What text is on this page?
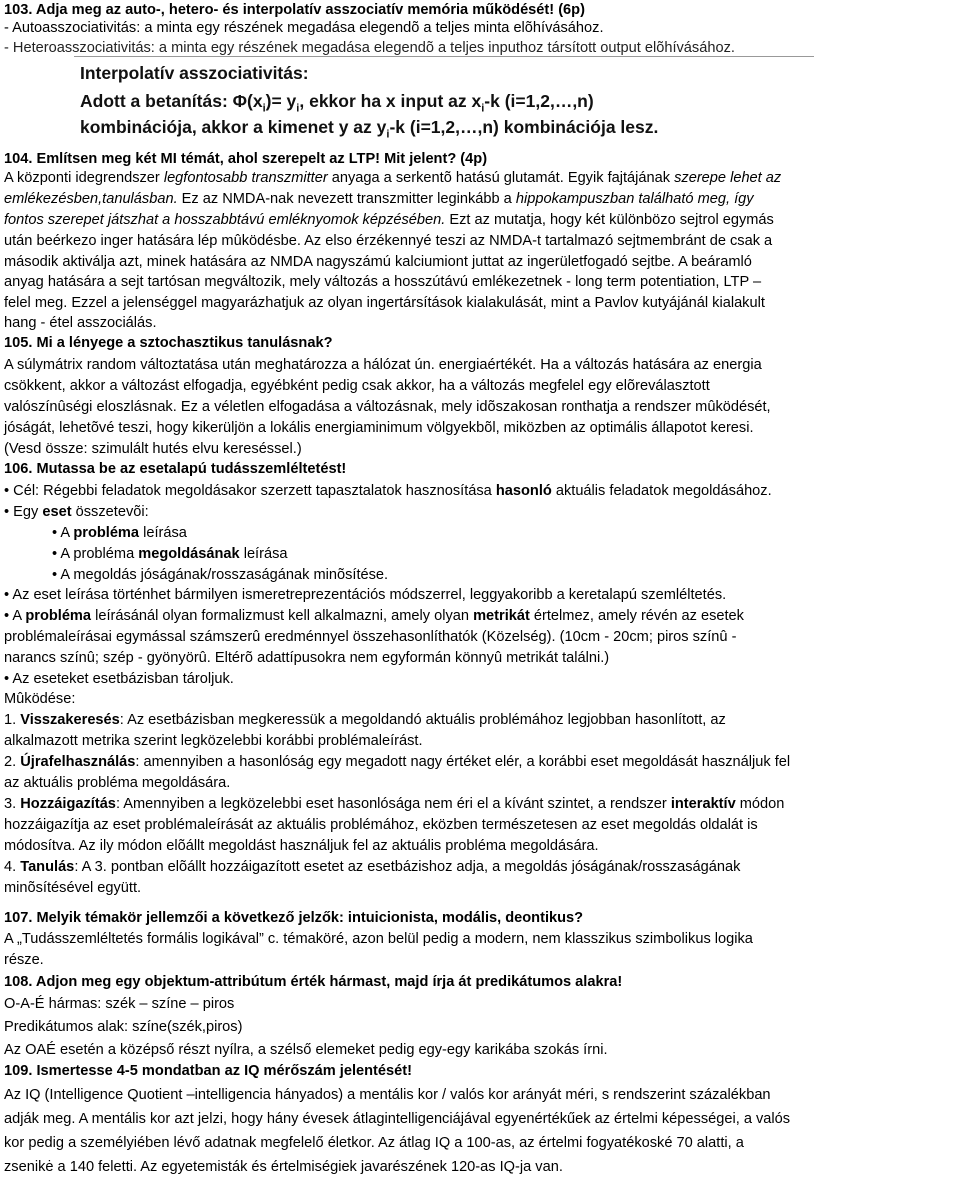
103. Adja meg az auto-, hetero- és interpolatív asszociatív memória működését! (6p)
- Autoasszociativitás: a minta egy részének megadása elegendõ a teljes minta elõhívásához.
- Heteroasszociativitás: a minta egy részének megadása elegendõ a teljes inputhoz társított output elõhívásához.
Interpolatív asszociativitás:
Adott a betanítás: $\Phi(x_i)= y_i$, ekkor ha x input az $x_i-k$ (i=1,2,…,n)
kombinációja, akkor a kimenet y az $y_i-k$ (i=1,2,…,n) kombinációja lesz.
104. Említsen meg két MI témát, ahol szerepelt az LTP! Mit jelent? (4p)
A központi idegrendszer legfontosabb transzmitter anyaga a serkentõ hatású glutamát. Egyik fajtájának szerepe lehet az
emlékezésben,tanulásban. Ez az NMDA-nak nevezett transzmitter leginkább a hippokampuszban található meg, így
fontos szerepet játszhat a hosszabbtávú emléknyomok képzésében. Ezt az mutatja, hogy két különbözo sejtrol egymás
után beérkezo inger hatására lép mûködésbe. Az elso érzékennyé teszi az NMDA-t tartalmazó sejtmembránt de csak a
második aktiválja azt, minek hatására az NMDA nagyszámú kalciumiont juttat az ingerületfogadó sejtbe. A beáramló
anyag hatására a sejt tartósan megváltozik, mely változás a hosszútávú emlékezetnek - long term potentiation, LTP –
felel meg. Ezzel a jelenséggel magyarázhatjuk az olyan ingertársítások kialakulását, mint a Pavlov kutyájánál kialakult
hang - étel asszociálás.
105. Mi a lényege a sztochasztikus tanulásnak?
A súlymátrix random változtatása után meghatározza a hálózat ún. energiaértékét. Ha a változás hatására az energia
csökkent, akkor a változást elfogadja, egyébként pedig csak akkor, ha a változás megfelel egy elõreválasztott
valószínûségi eloszlásnak. Ez a véletlen elfogadása a változásnak, mely idõszakosan ronthatja a rendszer mûködését,
jóságát, lehetõvé teszi, hogy kikerüljön a lokális energiaminimum völgyekbõl, miközben az optimális állapotot keresi.
(Vesd össze: szimulált hutés elvu kereséssel.)
106. Mutassa be az esetalapú tudásszemléltetést!
• Cél: Régebbi feladatok megoldásakor szerzett tapasztalatok hasznosítása hasonló aktuális feladatok megoldásához.
• Egy eset összetevõi:
• A probléma leírása
• A probléma megoldásának leírása
• A megoldás jóságának/rosszaságának minõsítése.
• Az eset leírása történhet bármilyen ismeretreprezentációs módszerrel, leggyakoribb a keretalapú szemléltetés.
• A probléma leírásánál olyan formalizmust kell alkalmazni, amely olyan metrikát értelmez, amely révén az esetek
problémaleírásai egymással számszerû eredménnyel összehasonlíthatók (Közelség). (10cm - 20cm; piros színû -
narancs színû; szép - gyönyörû. Eltérõ adattípusokra nem egyformán könnyû metrikát találni.)
• Az eseteket esetbázisban tároljuk.
Mûködése:
1. Visszakeresés: Az esetbázisban megkeressük a megoldandó aktuális problémához legjobban hasonlított, az
alkalmazott metrika szerint legközelebbi korábbi problémaleírást.
2. Újrafelhasználás: amennyiben a hasonlóság egy megadott nagy értéket elér, a korábbi eset megoldását használjuk fel
az aktuális probléma megoldására.
3. Hozzáigazítás: Amennyiben a legközelebbi eset hasonlósága nem éri el a kívánt szintet, a rendszer interaktív módon
hozzáigazítja az eset problémaleírását az aktuális problémához, eközben természetesen az eset megoldás oldalát is
módosítva. Az ily módon elõállt megoldást használjuk fel az aktuális probléma megoldására.
4. Tanulás: A 3. pontban elõállt hozzáigazított esetet az esetbázishoz adja, a megoldás jóságának/rosszaságának
minõsítésével együtt.
107. Melyik témakör jellemzői a következő jelzők: intuicionista, modális, deontikus?
A „Tudásszemléltetés formális logikával” c. témaköré, azon belül pedig a modern, nem klasszikus szimbolikus logika
része.
108. Adjon meg egy objektum-attribútum érték hármast, majd írja át predikátumos alakra!
O-A-É hármas: szék – színe – piros
Predikátumos alak: színe(szék,piros)
Az OAÉ esetén a középső részt nyílra, a szélső elemeket pedig egy-egy karikába szokás írni.
109. Ismertesse 4-5 mondatban az IQ mérőszám jelentését!
Az IQ (Intelligence Quotient –intelligencia hányados) a mentális kor / valós kor arányát méri, s rendszerint százalékban
adják meg. A mentális kor azt jelzi, hogy hány évesek átlagintelligenciájával egyenértékűek az értelmi képességei, a valós
kor pedig a személyiében lévő adatnak megfelelő életkor. Az átlag IQ a 100-as, az értelmi fogyatékoské 70 alatti, a
zsenikė a 140 feletti. Az egyetemisták és értelmiségiek javarészének 120-as IQ-ja van.
